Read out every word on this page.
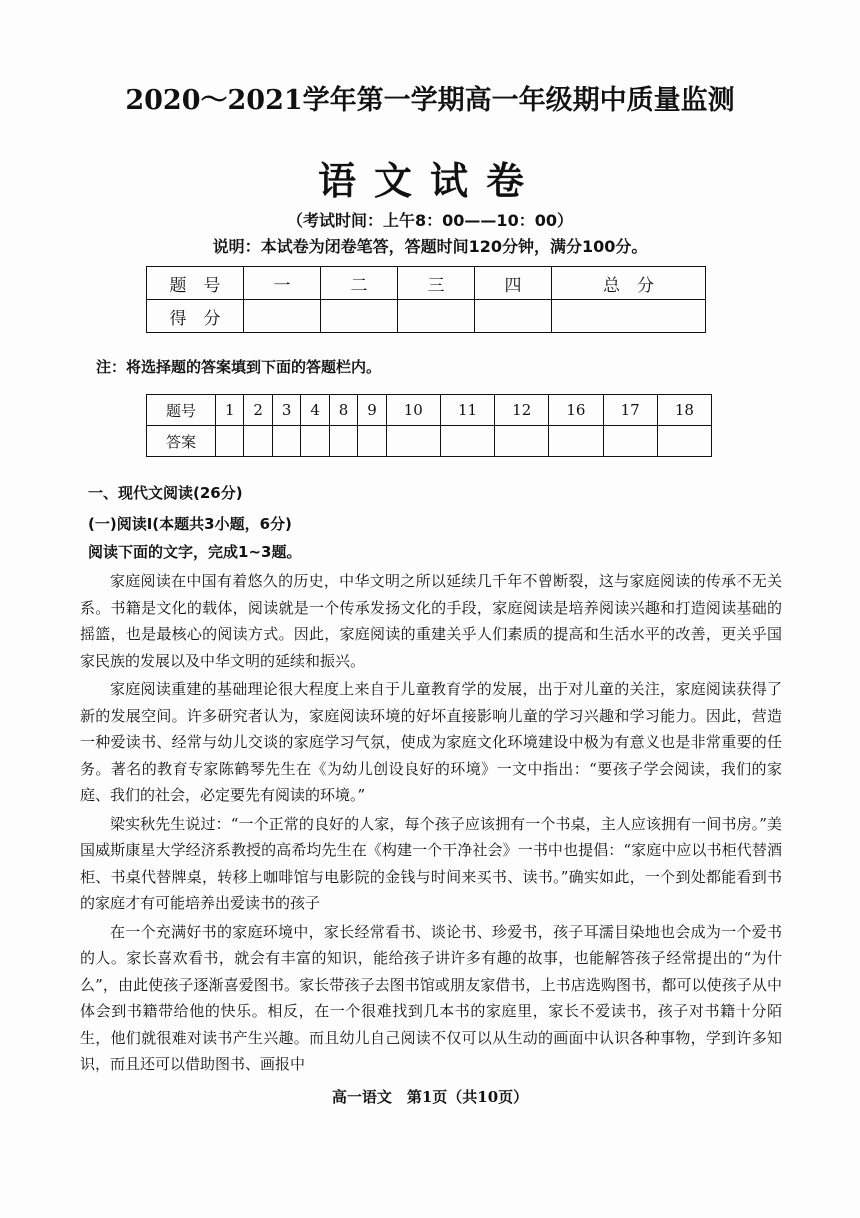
2020～2021学年第一学期高一年级期中质量监测
语文试卷
（考试时间：上午8：00——10：00）
说明：本试卷为闭卷笔答，答题时间120分钟，满分100分。
题　号	一	二	三	四	总　分
得　分					
注：将选择题的答案填到下面的答题栏内。
题号	1	2	3	4	8	9	10	11	12	16	17	18
答案												
一、现代文阅读(26分)
(一)阅读Ⅰ(本题共3小题，6分)
阅读下面的文字，完成1~3题。

家庭阅读在中国有着悠久的历史，中华文明之所以延续几千年不曾断裂，这与家庭阅读的传承不无关系。书籍是文化的载体，阅读就是一个传承发扬文化的手段，家庭阅读是培养阅读兴趣和打造阅读基础的摇篮，也是最核心的阅读方式。因此，家庭阅读的重建关乎人们素质的提高和生活水平的改善，更关乎国家民族的发展以及中华文明的延续和振兴。

家庭阅读重建的基础理论很大程度上来自于儿童教育学的发展，出于对儿童的关注，家庭阅读获得了新的发展空间。许多研究者认为，家庭阅读环境的好坏直接影响儿童的学习兴趣和学习能力。因此，营造一种爱读书、经常与幼儿交谈的家庭学习气氛，使成为家庭文化环境建设中极为有意义也是非常重要的任务。著名的教育专家陈鹤琴先生在《为幼儿创设良好的环境》一文中指出：“要孩子学会阅读，我们的家庭、我们的社会，必定要先有阅读的环境。”

梁实秋先生说过：“一个正常的良好的人家，每个孩子应该拥有一个书桌，主人应该拥有一间书房。”美国威斯康星大学经济系教授的高希均先生在《构建一个干净社会》一书中也提倡：“家庭中应以书柜代替酒柜、书桌代替牌桌，转移上咖啡馆与电影院的金钱与时间来买书、读书。”确实如此，一个到处都能看到书的家庭才有可能培养出爱读书的孩子

在一个充满好书的家庭环境中，家长经常看书、谈论书、珍爱书，孩子耳濡目染地也会成为一个爱书的人。家长喜欢看书，就会有丰富的知识，能给孩子讲许多有趣的故事，也能解答孩子经常提出的“为什么”，由此使孩子逐渐喜爱图书。家长带孩子去图书馆或朋友家借书，上书店选购图书，都可以使孩子从中体会到书籍带给他的快乐。相反，在一个很难找到几本书的家庭里，家长不爱读书，孩子对书籍十分陌生，他们就很难对读书产生兴趣。而且幼儿自己阅读不仅可以从生动的画面中认识各种事物，学到许多知识，而且还可以借助图书、画报中

高一语文　第1页（共10页）
